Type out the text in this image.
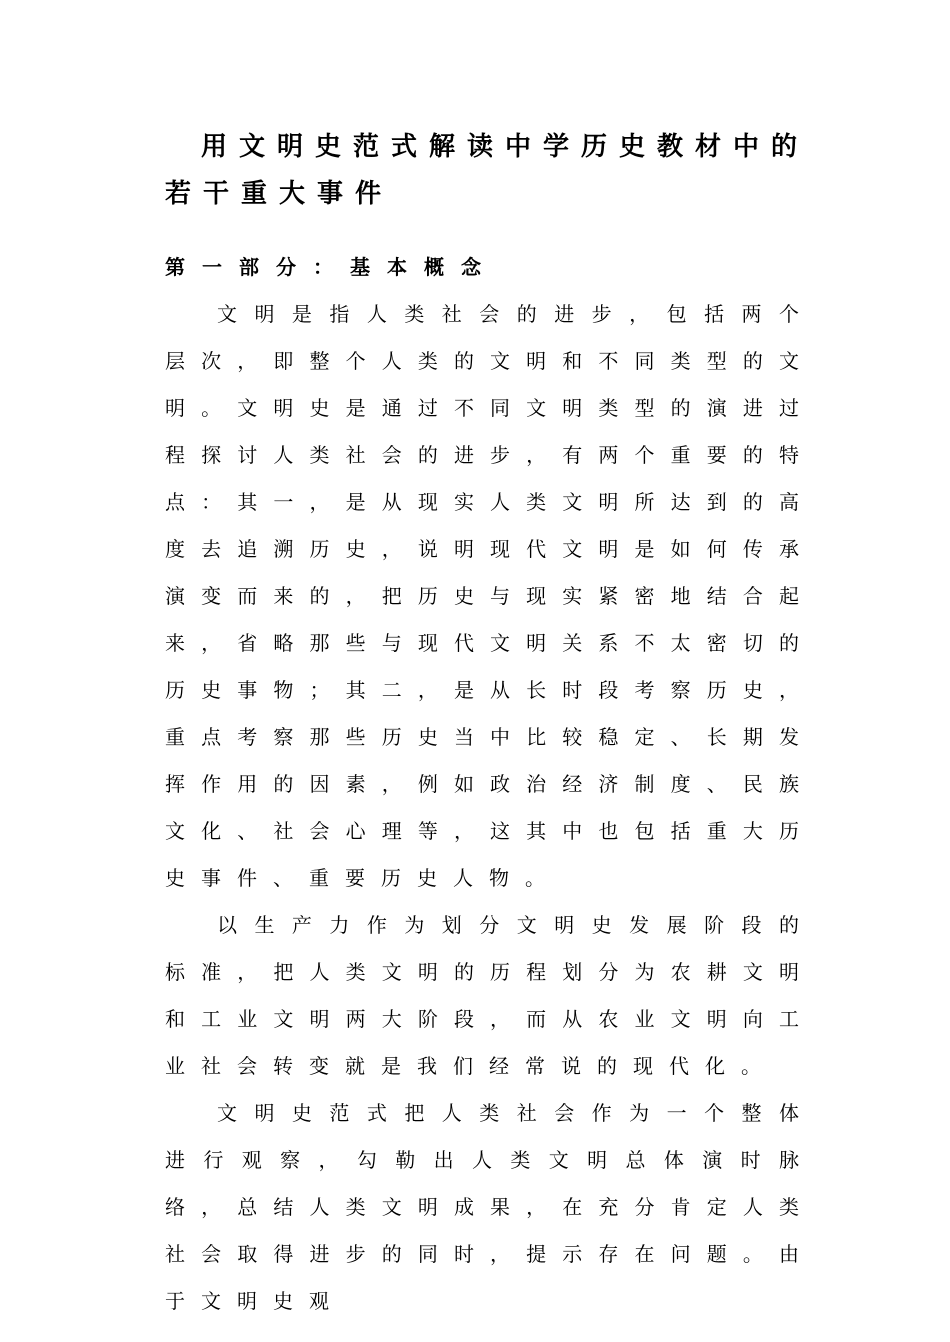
用文明史范式解读中学历史教材中的若干重大事件
第一部分：基本概念

文明是指人类社会的进步，包括两个层次，即整个人类的文明和不同类型的文明。文明史是通过不同文明类型的演进过程探讨人类社会的进步，有两个重要的特点：其一，是从现实人类文明所达到的高度去追溯历史，说明现代文明是如何传承演变而来的，把历史与现实紧密地结合起来，省略那些与现代文明关系不太密切的历史事物；其二，是从长时段考察历史，重点考察那些历史当中比较稳定、长期发挥作用的因素，例如政治经济制度、民族文化、社会心理等，这其中也包括重大历史事件、重要历史人物。

以生产力作为划分文明史发展阶段的标准，把人类文明的历程划分为农耕文明和工业文明两大阶段，而从农业文明向工业社会转变就是我们经常说的现代化。

文明史范式把人类社会作为一个整体进行观察，勾勒出人类文明总体演时脉络，总结人类文明成果，在充分肯定人类社会取得进步的同时，提示存在问题。由于文明史观
